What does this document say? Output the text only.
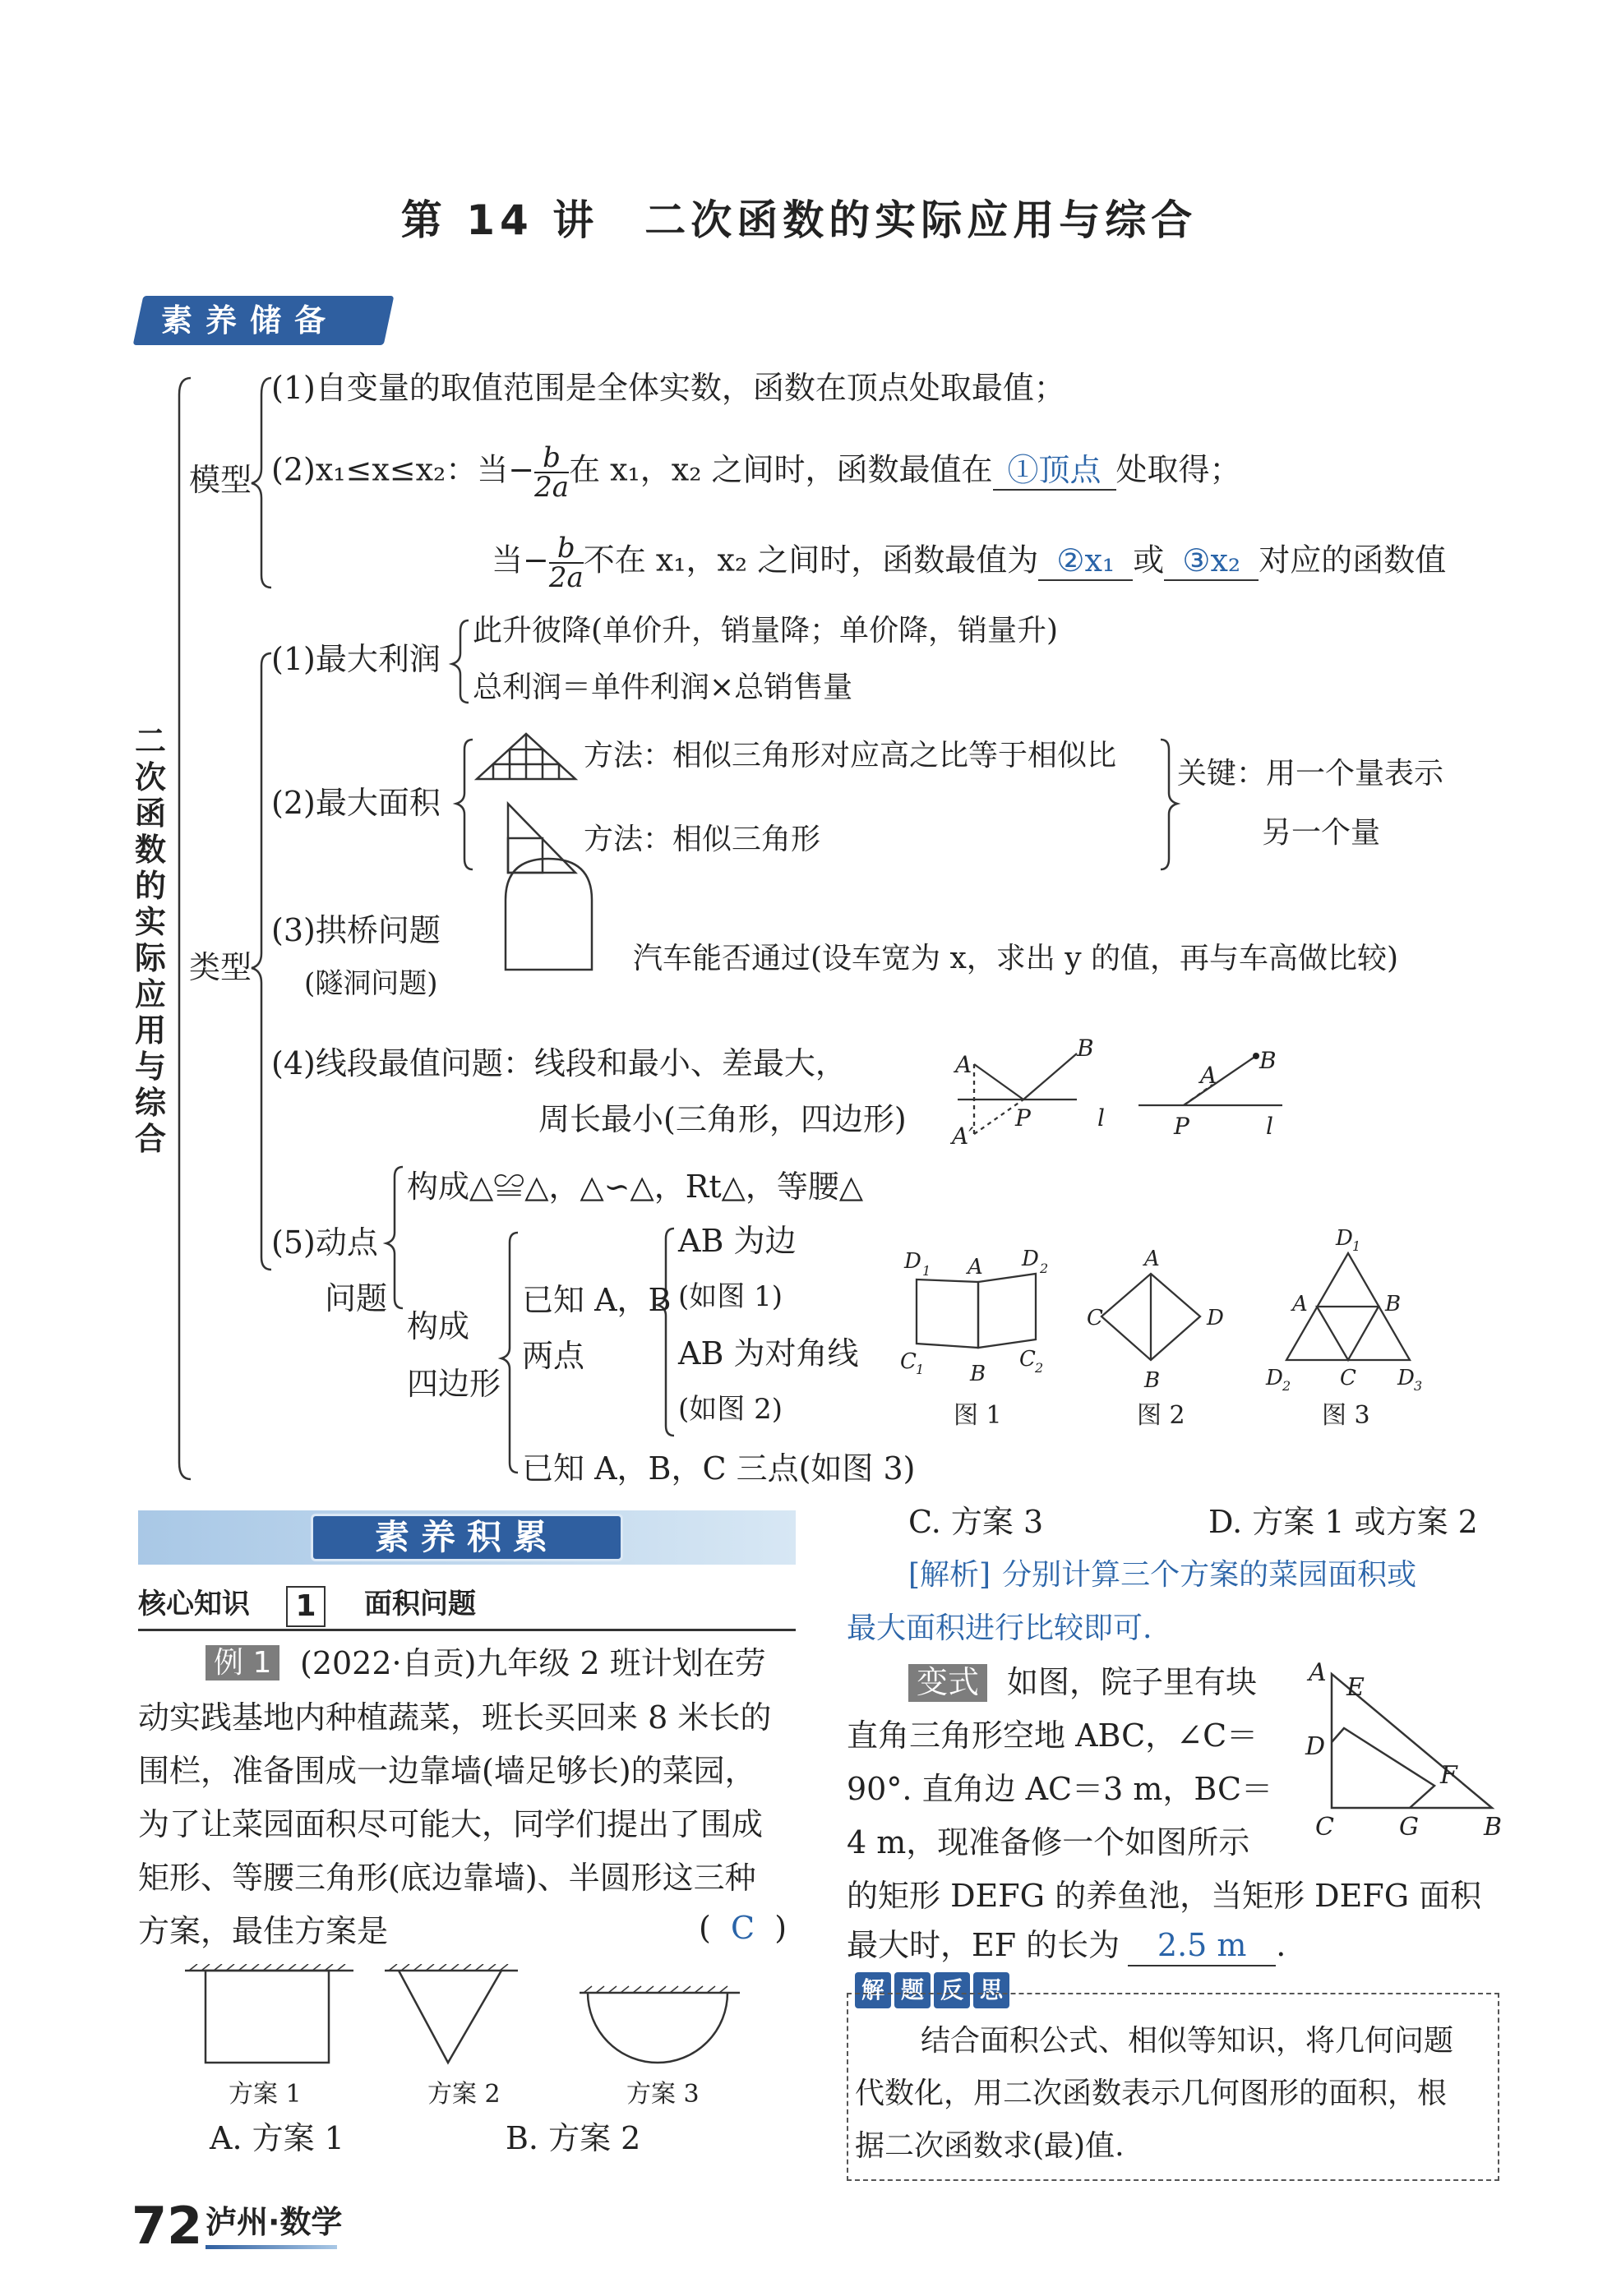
第 14 讲　二次函数的实际应用与综合
素养储备
A
B
P	l
A′
A
B
P	l
D 1 A D 2
C 1 B
C 2
A
C	D
B
D 1
A	B
D 2 C D 3
二次函数的实际应用与综合
模型
(1)自变量的取值范围是全体实数，函数在顶点处取最值；
(2)x₁≤x≤x₂：当− $\frac{b}{2a}$ 在 x₁，x₂ 之间时，函数最值在 ①顶点 处取得；
当− $\frac{b}{2a}$ 不在 x₁，x₂ 之间时，函数最值为 ②x₁ 或 ③x₂ 对应的函数值
类型
(1)最大利润
此升彼降(单价升，销量降；单价降，销量升)
总利润＝单件利润×总销售量
(2)最大面积
方法：相似三角形对应高之比等于相似比
方法：相似三角形
关键：用一个量表示
另一个量
(3)拱桥问题
(隧洞问题)
汽车能否通过(设车宽为 x，求出 y 的值，再与车高做比较)
(4)线段最值问题：线段和最小、差最大，
周长最小(三角形，四边形)
(5)动点
问题
构成△≌△，△∽△，Rt△，等腰△
构成
四边形
已知 A，B
两点
AB 为边
(如图 1)
AB 为对角线
(如图 2)
已知 A，B，C 三点(如图 3)
图 1	图 2	图 3
素养积累
核心知识	1	面积问题
例 1 (2022·自贡)九年级 2 班计划在劳
动实践基地内种植蔬菜，班长买回来 8 米长的
围栏，准备围成一边靠墙(墙足够长)的菜园，
为了让菜园面积尽可能大，同学们提出了围成
矩形、等腰三角形(底边靠墙)、半圆形这三种
方案，最佳方案是	(  C  )
方案 1	方案 2	方案 3
A. 方案 1	B. 方案 2
C. 方案 3	D. 方案 1 或方案 2
[解析] 分别计算三个方案的菜园面积或
最大面积进行比较即可.
变式 如图，院子里有块
直角三角形空地 ABC，∠C＝
90°. 直角边 AC＝3 m，BC＝
4 m，现准备修一个如图所示
的矩形 DEFG 的养鱼池，当矩形 DEFG 面积
最大时，EF 的长为 2.5 m .
A
E
D
F
C	G	B
解 题 反 思
结合面积公式、相似等知识，将几何问题
代数化，用二次函数表示几何图形的面积，根
据二次函数求(最)值.
72 泸州·数学
